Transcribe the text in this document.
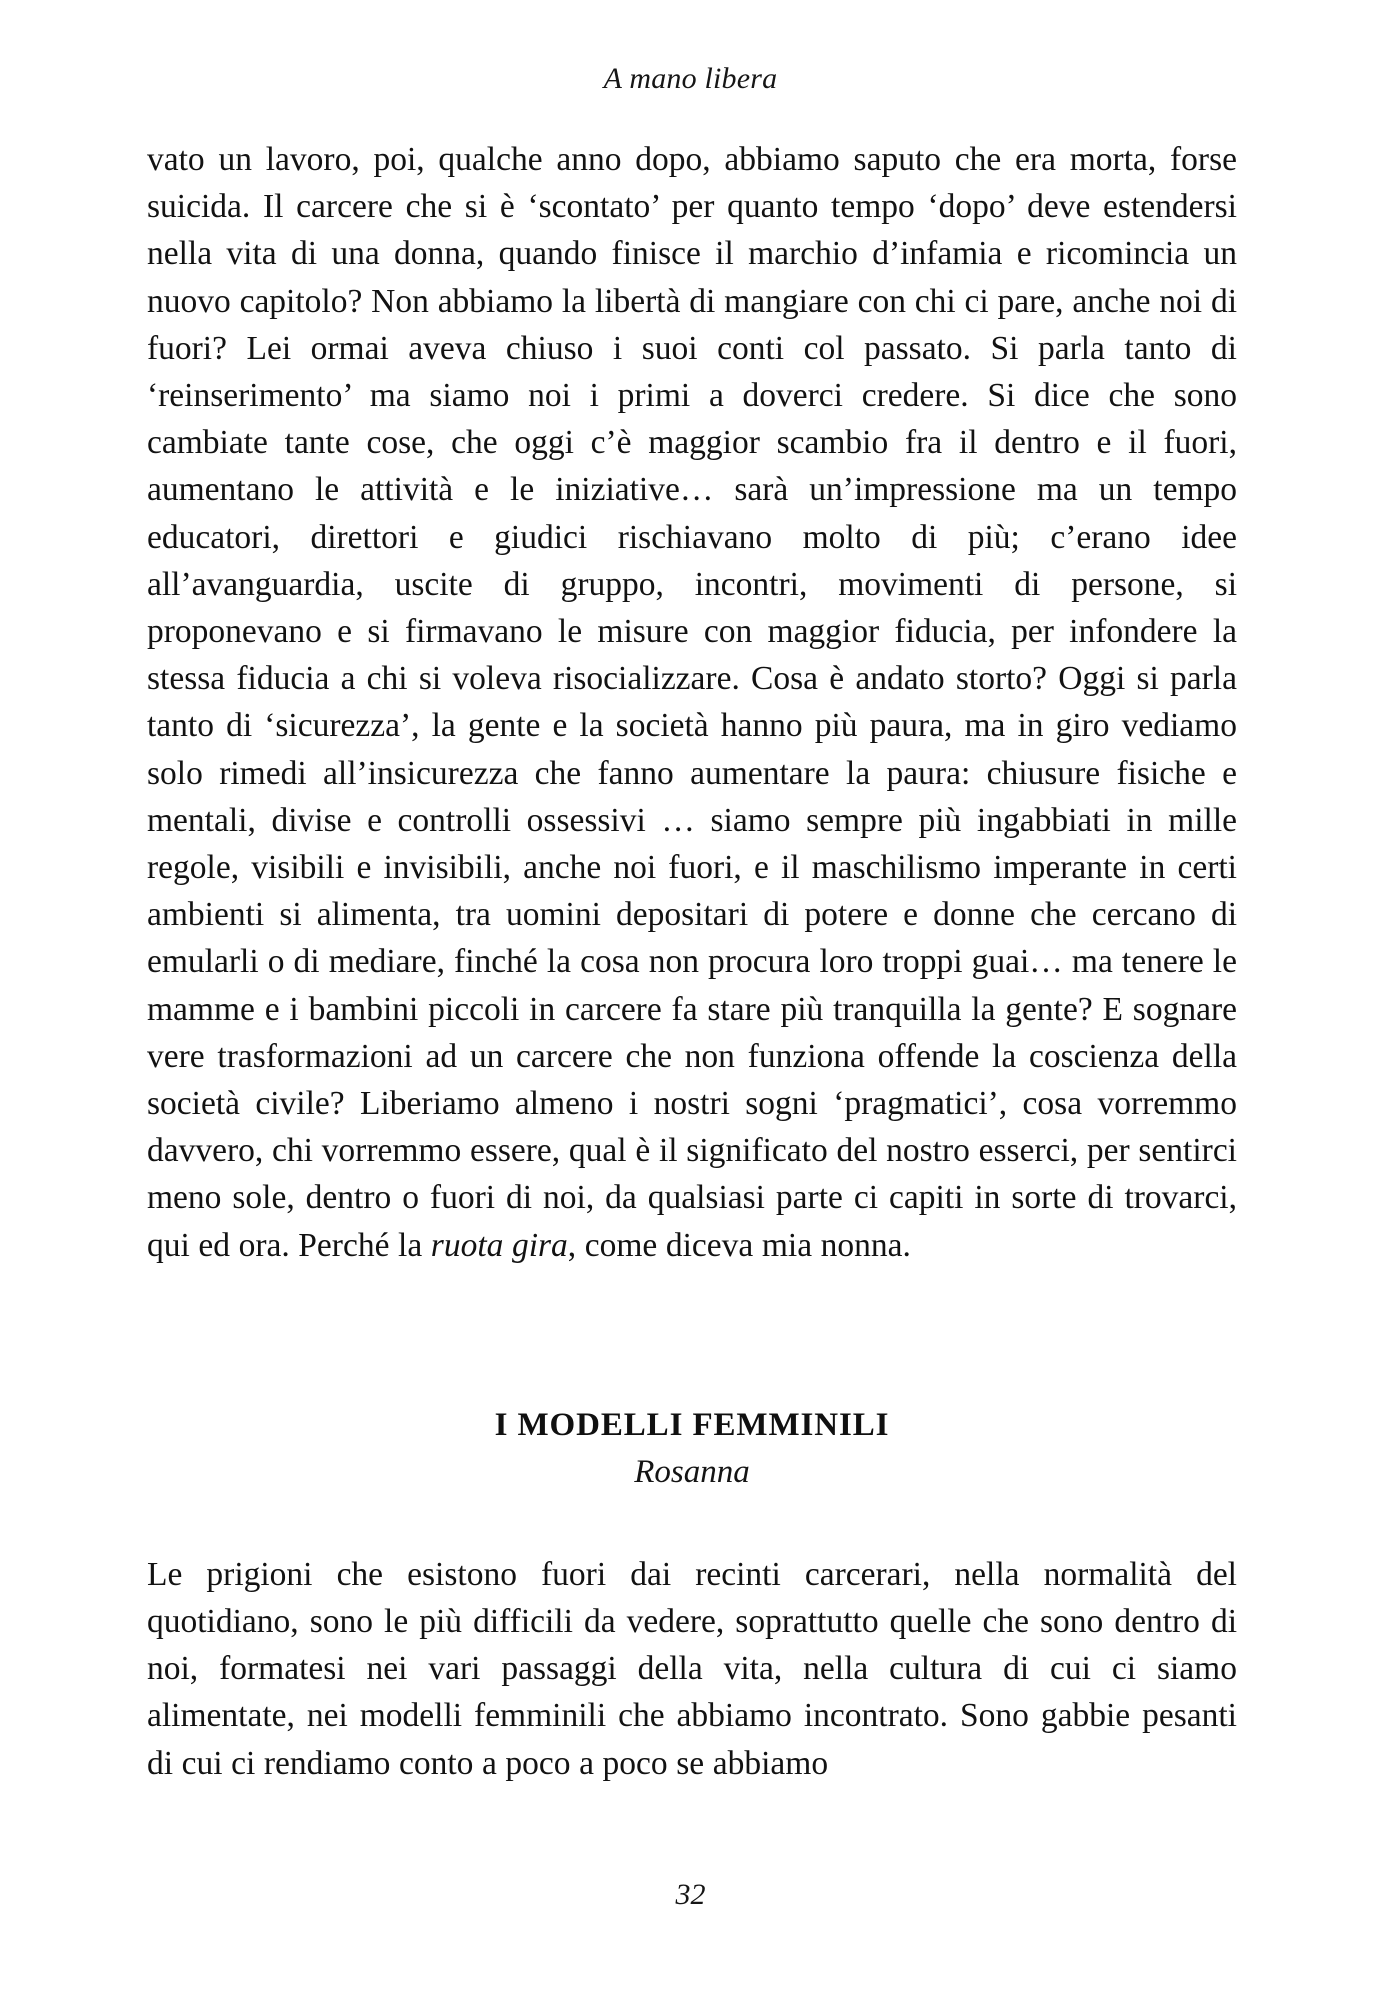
A mano libera

vato un lavoro, poi, qualche anno dopo, abbiamo saputo che era morta, forse suicida. Il carcere che si è ‘scontato’ per quanto tempo ‘dopo’ deve estendersi nella vita di una donna, quando finisce il marchio d’infamia e ricomincia un nuovo capitolo? Non abbiamo la libertà di mangiare con chi ci pare, anche noi di fuori? Lei ormai aveva chiuso i suoi conti col passato. Si parla tanto di ‘reinserimento’ ma siamo noi i primi a doverci credere. Si dice che sono cambiate tante cose, che oggi c’è maggior scambio fra il dentro e il fuori, aumentano le attività e le iniziative… sarà un’impressione ma un tempo educatori, direttori e giudici rischiavano molto di più; c’erano idee all’avanguardia, uscite di gruppo, incontri, movimenti di persone, si proponevano e si firmavano le misure con maggior fiducia, per infondere la stessa fiducia a chi si voleva risocializzare. Cosa è andato storto? Oggi si parla tanto di ‘sicurezza’, la gente e la società hanno più paura, ma in giro vediamo solo rimedi all’insicurezza che fanno aumentare la paura: chiusure fisiche e mentali, divise e controlli ossessivi … siamo sempre più ingabbiati in mille regole, visibili e invisibili, anche noi fuori, e il maschilismo imperante in certi ambienti si alimenta, tra uomini depositari di potere e donne che cercano di emularli o di mediare, finché la cosa non procura loro troppi guai… ma tenere le mamme e i bambini piccoli in carcere fa stare più tranquilla la gente? E sognare vere trasformazioni ad un carcere che non funziona offende la coscienza della società civile? Liberiamo almeno i nostri sogni ‘pragmatici’, cosa vorremmo davvero, chi vorremmo essere, qual è il significato del nostro esserci, per sentirci meno sole, dentro o fuori di noi, da qualsiasi parte ci capiti in sorte di trovarci, qui ed ora. Perché la ruota gira, come diceva mia nonna.

I MODELLI FEMMINILI
Rosanna

Le prigioni che esistono fuori dai recinti carcerari, nella normalità del quotidiano, sono le più difficili da vedere, soprattutto quelle che sono dentro di noi, formatesi nei vari passaggi della vita, nella cultura di cui ci siamo alimentate, nei modelli femminili che abbiamo incontrato. Sono gabbie pesanti di cui ci rendiamo conto a poco a poco se abbiamo

32
